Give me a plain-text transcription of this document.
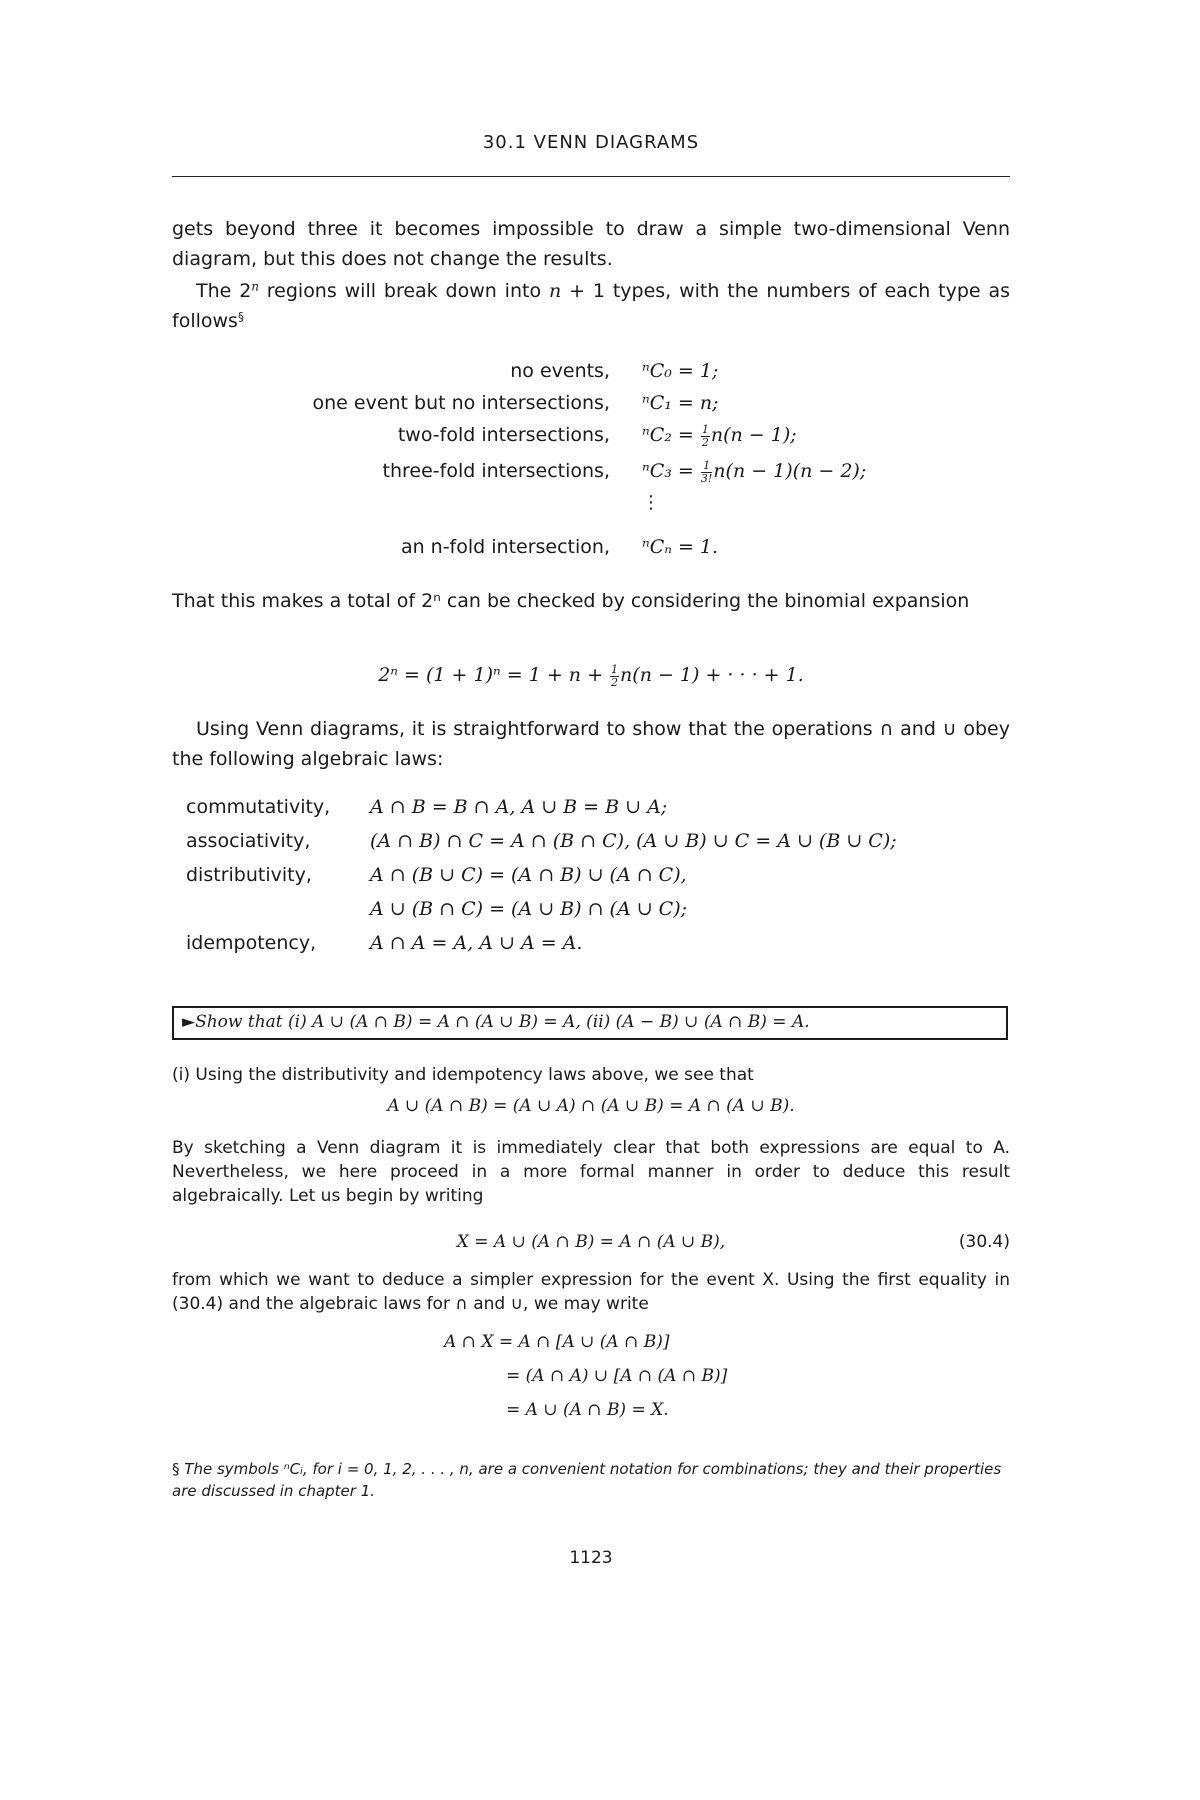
30.1 VENN DIAGRAMS
gets beyond three it becomes impossible to draw a simple two-dimensional Venn diagram, but this does not change the results.
The 2$^n$ regions will break down into n + 1 types, with the numbers of each type as follows§
no events, ⁿC₀ = 1;
one event but no intersections, ⁿC₁ = n;
two-fold intersections, $^nC_2 = \frac{1}{2} n(n - 1)$;
three-fold intersections, $^nC_3 = \frac{1}{3!} n(n - 1)(n - 2)$;
⋮
an n-fold intersection, ⁿCₙ = 1.
That this makes a total of 2ⁿ can be checked by considering the binomial expansion
$2^n = (1 + 1)^n = 1 + n + \frac{1}{2} n(n - 1)$ + · · · + 1.
Using Venn diagrams, it is straightforward to show that the operations ∩ and ∪ obey the following algebraic laws:
commutativity, A ∩ B = B ∩ A, A ∪ B = B ∪ A;
associativity,	(A ∩ B) ∩ C = A ∩ (B ∩ C), (A ∪ B) ∪ C = A ∪ (B ∪ C);
distributivity,	A ∩ (B ∪ C) = (A ∩ B) ∪ (A ∩ C),
A ∪ (B ∩ C) = (A ∪ B) ∩ (A ∪ C);
idempotency,	A ∩ A = A, A ∪ A = A.
►Show that (i) A ∪ (A ∩ B) = A ∩ (A ∪ B) = A, (ii) (A − B) ∪ (A ∩ B) = A.
(i) Using the distributivity and idempotency laws above, we see that
A ∪ (A ∩ B) = (A ∪ A) ∩ (A ∪ B) = A ∩ (A ∪ B).
By sketching a Venn diagram it is immediately clear that both expressions are equal to A. Nevertheless, we here proceed in a more formal manner in order to deduce this result algebraically. Let us begin by writing
X = A ∪ (A ∩ B) = A ∩ (A ∪ B),	(30.4)
from which we want to deduce a simpler expression for the event X. Using the first equality in (30.4) and the algebraic laws for ∩ and ∪, we may write
A ∩ X = A ∩ [A ∪ (A ∩ B)]
= (A ∩ A) ∪ [A ∩ (A ∩ B)]
= A ∪ (A ∩ B) = X.
§ The symbols ⁿCᵢ, for i = 0, 1, 2, . . . , n, are a convenient notation for combinations; they and their properties are discussed in chapter 1.
1123
